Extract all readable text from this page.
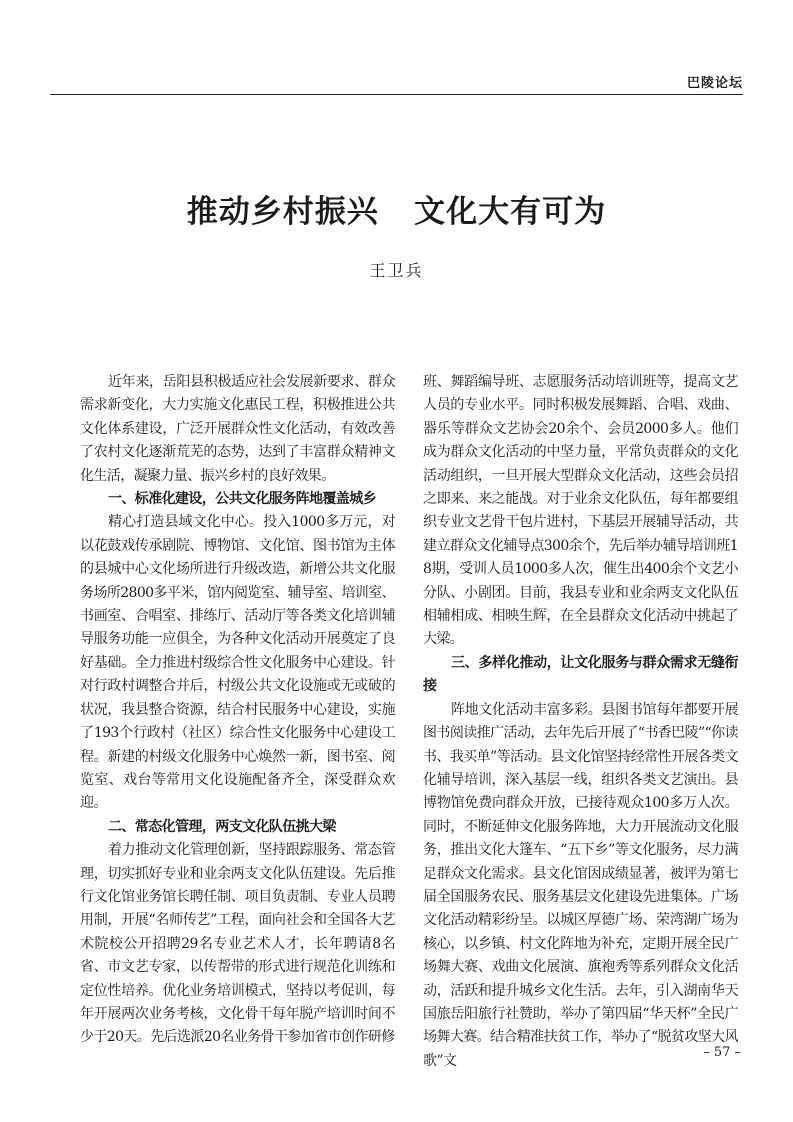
巴陵论坛
推动乡村振兴   文化大有可为
王卫兵

近年来，岳阳县积极适应社会发展新要求、群众需求新变化，大力实施文化惠民工程，积极推进公共文化体系建设，广泛开展群众性文化活动，有效改善了农村文化逐渐荒芜的态势，达到了丰富群众精神文化生活，凝聚力量、振兴乡村的良好效果。

一、标准化建设，公共文化服务阵地覆盖城乡

精心打造县域文化中心。投入1000多万元，对以花鼓戏传承剧院、博物馆、文化馆、图书馆为主体的县城中心文化场所进行升级改造，新增公共文化服务场所2800多平米，馆内阅览室、辅导室、培训室、书画室、合唱室、排练厅、活动厅等各类文化培训辅导服务功能一应俱全，为各种文化活动开展奠定了良好基础。全力推进村级综合性文化服务中心建设。针对行政村调整合并后，村级公共文化设施或无或破的状况，我县整合资源，结合村民服务中心建设，实施了193个行政村（社区）综合性文化服务中心建设工程。新建的村级文化服务中心焕然一新，图书室、阅览室、戏台等常用文化设施配备齐全，深受群众欢迎。

二、常态化管理，两支文化队伍挑大梁

着力推动文化管理创新，坚持跟踪服务、常态管理，切实抓好专业和业余两支文化队伍建设。先后推行文化馆业务馆长聘任制、项目负责制、专业人员聘用制，开展“名师传艺”工程，面向社会和全国各大艺术院校公开招聘29名专业艺术人才，长年聘请8名省、市文艺专家，以传帮带的形式进行规范化训练和定位性培养。优化业务培训模式，坚持以考促训，每年开展两次业务考核，文化骨干每年脱产培训时间不少于20天。先后选派20名业务骨干参加省市创作研修

班、舞蹈编导班、志愿服务活动培训班等，提高文艺人员的专业水平。同时积极发展舞蹈、合唱、戏曲、器乐等群众文艺协会20余个、会员2000多人。他们成为群众文化活动的中坚力量，平常负责群众的文化活动组织，一旦开展大型群众文化活动，这些会员招之即来、来之能战。对于业余文化队伍，每年都要组织专业文艺骨干包片进村，下基层开展辅导活动，共建立群众文化辅导点300余个，先后举办辅导培训班18期，受训人员1000多人次，催生出400余个文艺小分队、小剧团。目前，我县专业和业余两支文化队伍相辅相成、相映生辉，在全县群众文化活动中挑起了大梁。

三、多样化推动，让文化服务与群众需求无缝衔接

阵地文化活动丰富多彩。县图书馆每年都要开展图书阅读推广活动，去年先后开展了“书香巴陵”“你读书、我买单”等活动。县文化馆坚持经常性开展各类文化辅导培训，深入基层一线，组织各类文艺演出。县博物馆免费向群众开放，已接待观众100多万人次。同时，不断延伸文化服务阵地，大力开展流动文化服务，推出文化大篷车、“五下乡”等文化服务，尽力满足群众文化需求。县文化馆因成绩显著，被评为第七届全国服务农民、服务基层文化建设先进集体。广场文化活动精彩纷呈。以城区厚德广场、荣湾湖广场为核心，以乡镇、村文化阵地为补充，定期开展全民广场舞大赛、戏曲文化展演、旗袍秀等系列群众文化活动，活跃和提升城乡文化生活。去年，引入湖南华天国旅岳阳旅行社赞助，举办了第四届“华天杯”全民广场舞大赛。结合精准扶贫工作，举办了“脱贫攻坚大风歌”文

– 57 –
